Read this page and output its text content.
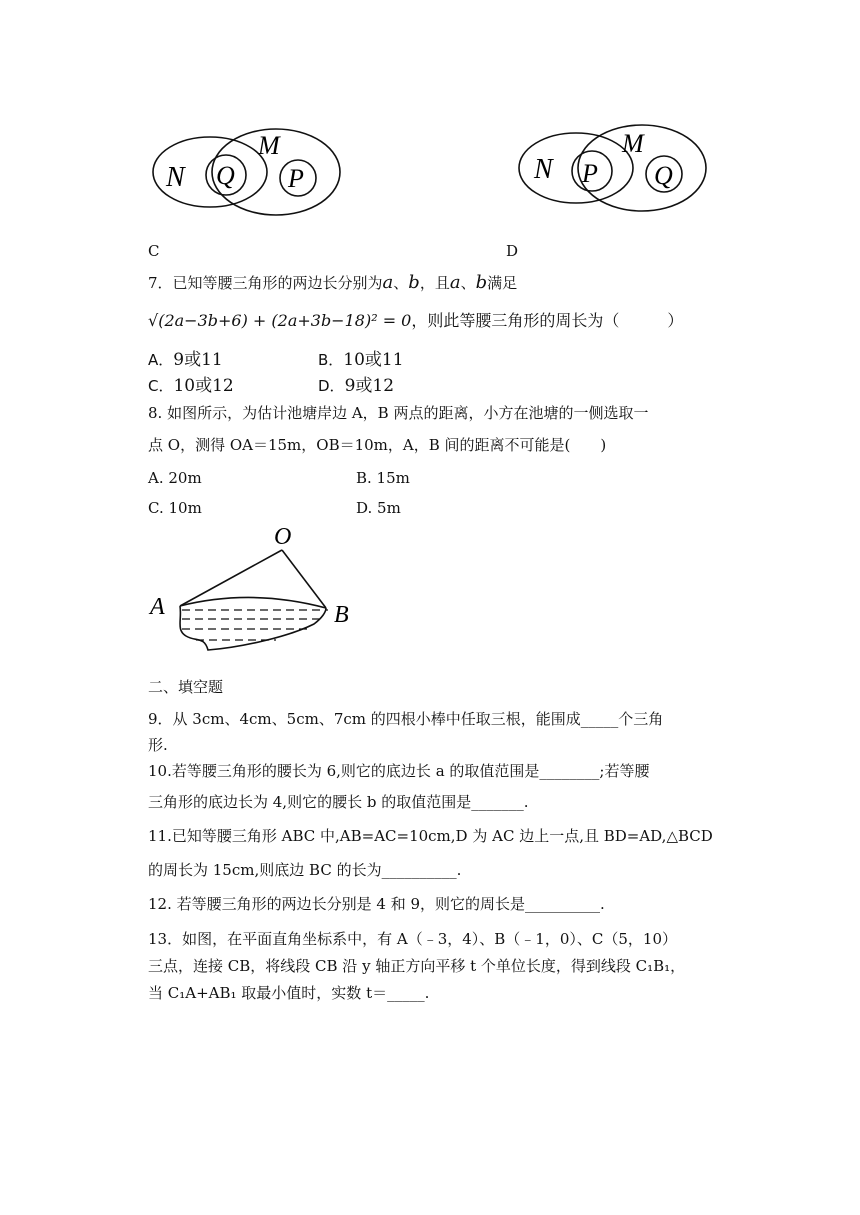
N Q
M
P
C
N P
M
Q
D
7．已知等腰三角形的两边长分别为a、b，且a、b满足
√(2a−3b+6) + (2a+3b−18)² = 0，则此等腰三角形的周长为（　　　）
A．9或11	B．10或11
C．10或12	D．9或12
8. 如图所示，为估计池塘岸边 A，B 两点的距离，小方在池塘的一侧选取一
点 O，测得 OA＝15m，OB＝10m，A，B 间的距离不可能是(　　)
A. 20m	B. 15m
C. 10m	D. 5m
O
A	B
二、填空题
9．从 3cm、4cm、5cm、7cm 的四根小棒中任取三根，能围成_____个三角
形.
10.若等腰三角形的腰长为 6,则它的底边长 a 的取值范围是________;若等腰
三角形的底边长为 4,则它的腰长 b 的取值范围是_______.
11.已知等腰三角形 ABC 中,AB=AC=10cm,D 为 AC 边上一点,且 BD=AD,△BCD
的周长为 15cm,则底边 BC 的长为__________.
12. 若等腰三角形的两边长分别是 4 和 9，则它的周长是__________.
13．如图，在平面直角坐标系中，有 A（﹣3，4）、B（﹣1，0）、C（5，10）
三点，连接 CB，将线段 CB 沿 y 轴正方向平移 t 个单位长度，得到线段 C₁B₁，
当 C₁A+AB₁ 取最小值时，实数 t＝_____.
